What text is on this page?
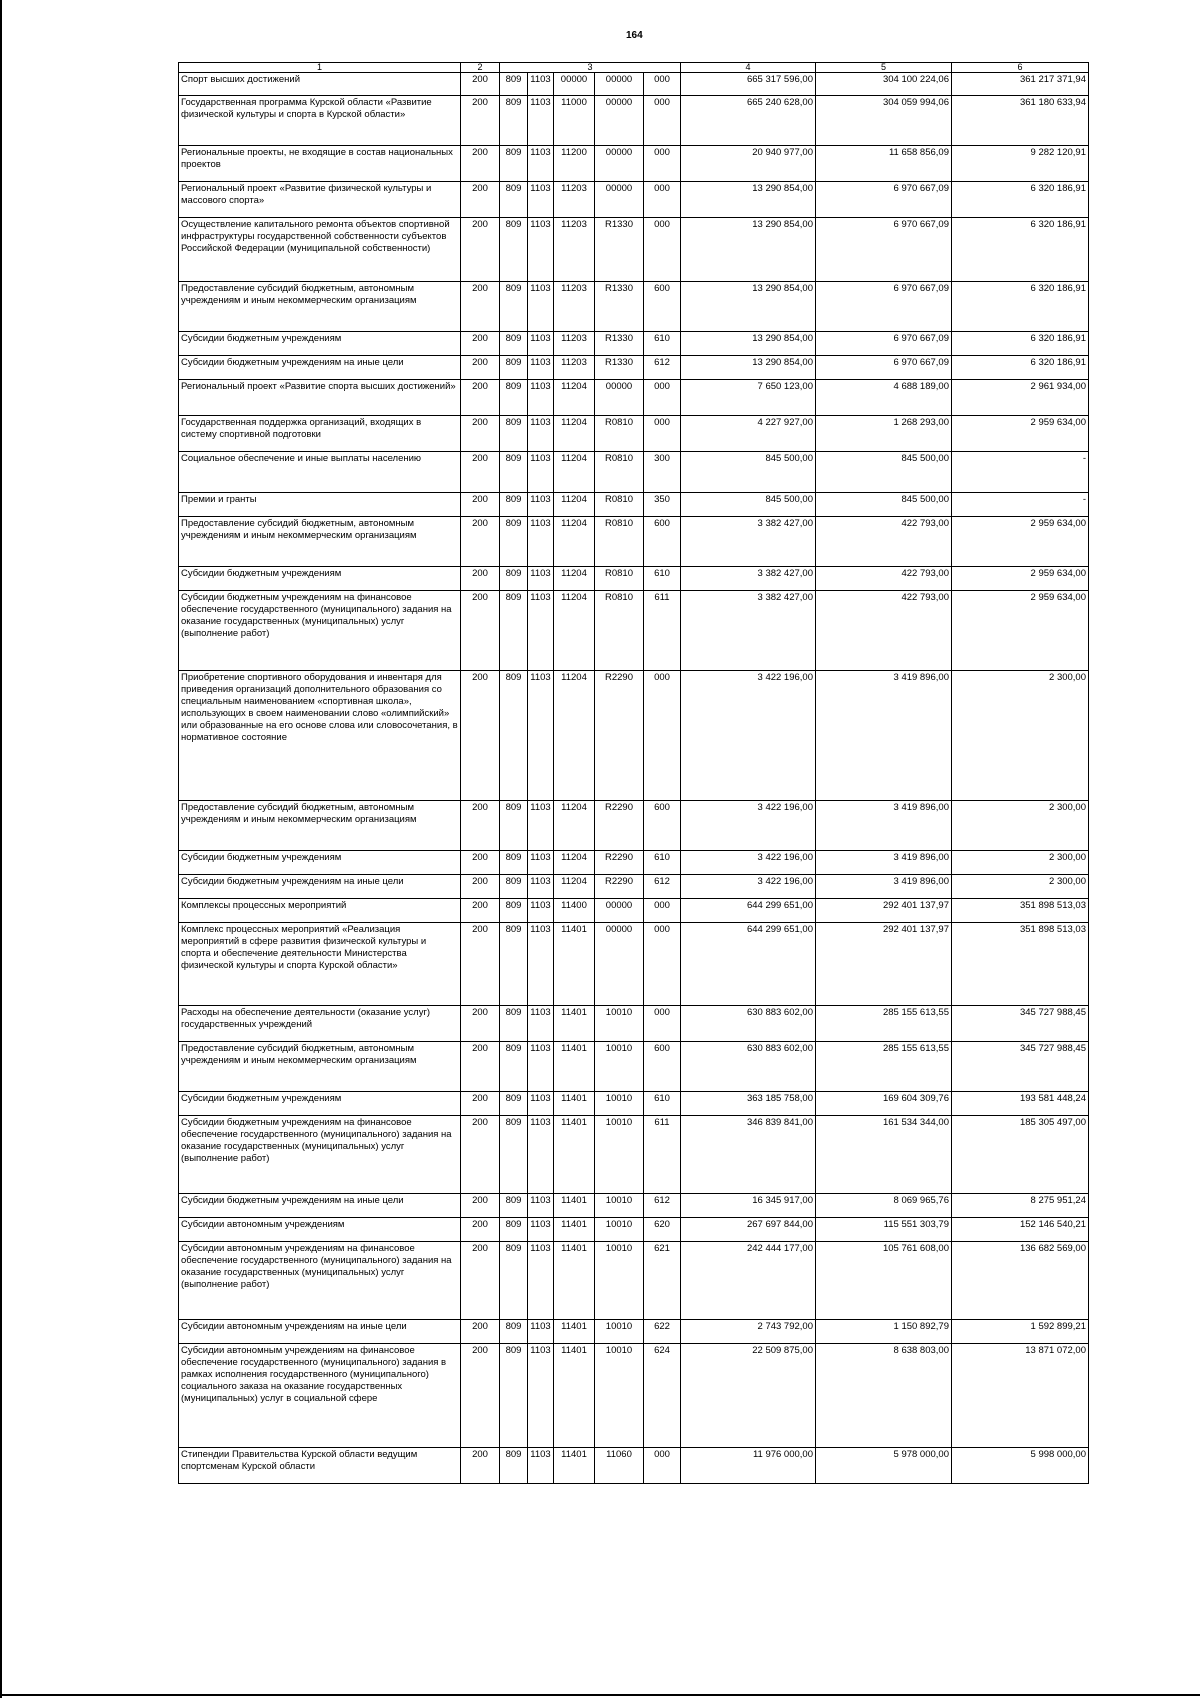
164
1	2	3					4	5	6
Спорт высших достижений	200	809	1103	00000	00000	000	665 317 596,00	304 100 224,06	361 217 371,94
Государственная программа Курской области «Развитие физической культуры и спорта в Курской области»	200	809	1103	11000	00000	000	665 240 628,00	304 059 994,06	361 180 633,94
Региональные проекты, не входящие в состав национальных проектов	200	809	1103	11200	00000	000	20 940 977,00	11 658 856,09	9 282 120,91
Региональный проект «Развитие физической культуры и массового спорта»	200	809	1103	11203	00000	000	13 290 854,00	6 970 667,09	6 320 186,91
Осуществление капитального ремонта объектов спортивной инфраструктуры государственной собственности субъектов Российской Федерации (муниципальной собственности)	200	809	1103	11203	R1330	000	13 290 854,00	6 970 667,09	6 320 186,91
Предоставление субсидий бюджетным, автономным учреждениям и иным некоммерческим организациям	200	809	1103	11203	R1330	600	13 290 854,00	6 970 667,09	6 320 186,91
Субсидии бюджетным учреждениям	200	809	1103	11203	R1330	610	13 290 854,00	6 970 667,09	6 320 186,91
Субсидии бюджетным учреждениям на иные цели	200	809	1103	11203	R1330	612	13 290 854,00	6 970 667,09	6 320 186,91
Региональный проект «Развитие спорта высших достижений»	200	809	1103	11204	00000	000	7 650 123,00	4 688 189,00	2 961 934,00
Государственная поддержка организаций, входящих в систему спортивной подготовки	200	809	1103	11204	R0810	000	4 227 927,00	1 268 293,00	2 959 634,00
Социальное обеспечение и иные выплаты населению	200	809	1103	11204	R0810	300	845 500,00	845 500,00	-
Премии и гранты	200	809	1103	11204	R0810	350	845 500,00	845 500,00	-
Предоставление субсидий бюджетным, автономным учреждениям и иным некоммерческим организациям	200	809	1103	11204	R0810	600	3 382 427,00	422 793,00	2 959 634,00
Субсидии бюджетным учреждениям	200	809	1103	11204	R0810	610	3 382 427,00	422 793,00	2 959 634,00
Субсидии бюджетным учреждениям на финансовое обеспечение государственного (муниципального) задания на оказание государственных (муниципальных) услуг (выполнение работ)	200	809	1103	11204	R0810	611	3 382 427,00	422 793,00	2 959 634,00
Приобретение спортивного оборудования и инвентаря для приведения организаций дополнительного образования со специальным наименованием «спортивная школа», использующих в своем наименовании слово «олимпийский» или образованные на его основе слова или словосочетания, в нормативное состояние	200	809	1103	11204	R2290	000	3 422 196,00	3 419 896,00	2 300,00
Предоставление субсидий бюджетным, автономным учреждениям и иным некоммерческим организациям	200	809	1103	11204	R2290	600	3 422 196,00	3 419 896,00	2 300,00
Субсидии бюджетным учреждениям	200	809	1103	11204	R2290	610	3 422 196,00	3 419 896,00	2 300,00
Субсидии бюджетным учреждениям на иные цели	200	809	1103	11204	R2290	612	3 422 196,00	3 419 896,00	2 300,00
Комплексы процессных мероприятий	200	809	1103	11400	00000	000	644 299 651,00	292 401 137,97	351 898 513,03
Комплекс процессных мероприятий «Реализация мероприятий в сфере развития физической культуры и спорта и обеспечение деятельности Министерства физической культуры и спорта Курской области»	200	809	1103	11401	00000	000	644 299 651,00	292 401 137,97	351 898 513,03
Расходы на обеспечение деятельности (оказание услуг) государственных учреждений	200	809	1103	11401	10010	000	630 883 602,00	285 155 613,55	345 727 988,45
Предоставление субсидий бюджетным, автономным учреждениям и иным некоммерческим организациям	200	809	1103	11401	10010	600	630 883 602,00	285 155 613,55	345 727 988,45
Субсидии бюджетным учреждениям	200	809	1103	11401	10010	610	363 185 758,00	169 604 309,76	193 581 448,24
Субсидии бюджетным учреждениям на финансовое обеспечение государственного (муниципального) задания на оказание государственных (муниципальных) услуг (выполнение работ)	200	809	1103	11401	10010	611	346 839 841,00	161 534 344,00	185 305 497,00
Субсидии бюджетным учреждениям на иные цели	200	809	1103	11401	10010	612	16 345 917,00	8 069 965,76	8 275 951,24
Субсидии автономным учреждениям	200	809	1103	11401	10010	620	267 697 844,00	115 551 303,79	152 146 540,21
Субсидии автономным учреждениям на финансовое обеспечение государственного (муниципального) задания на оказание государственных (муниципальных) услуг (выполнение работ)	200	809	1103	11401	10010	621	242 444 177,00	105 761 608,00	136 682 569,00
Субсидии автономным учреждениям на иные цели	200	809	1103	11401	10010	622	2 743 792,00	1 150 892,79	1 592 899,21
Субсидии автономным учреждениям на финансовое обеспечение государственного (муниципального) задания в рамках исполнения государственного (муниципального) социального заказа на оказание государственных (муниципальных) услуг в социальной сфере	200	809	1103	11401	10010	624	22 509 875,00	8 638 803,00	13 871 072,00
Стипендии Правительства Курской области ведущим спортсменам Курской области	200	809	1103	11401	11060	000	11 976 000,00	5 978 000,00	5 998 000,00
